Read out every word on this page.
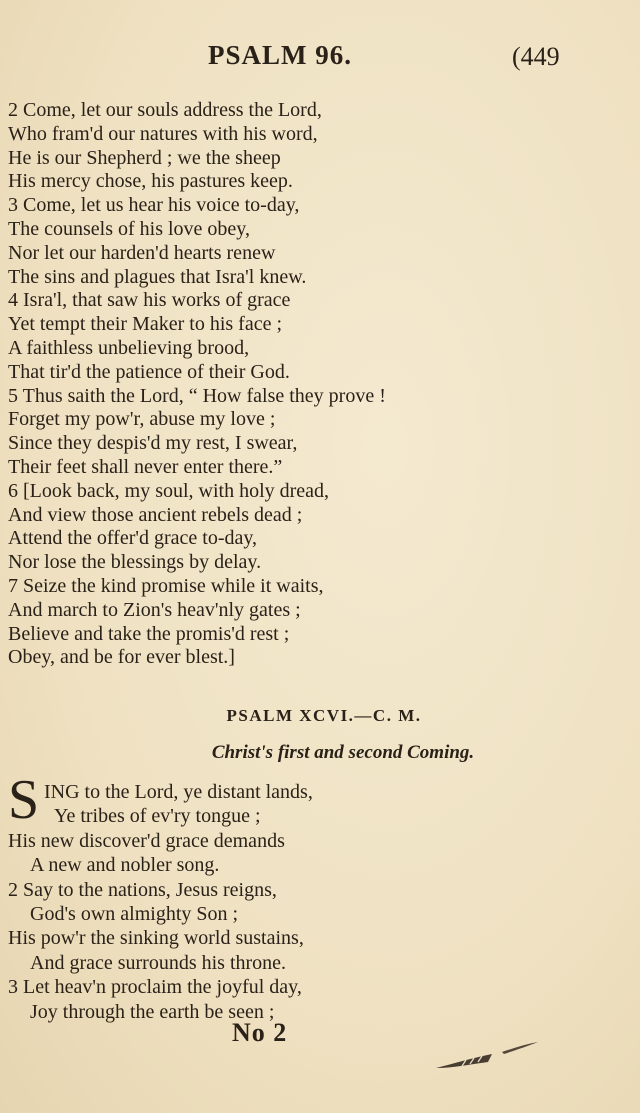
PSALM 96.	(449
2 Come, let our souls address the Lord,
Who fram'd our natures with his word,
He is our Shepherd ; we the sheep
His mercy chose, his pastures keep.
3 Come, let us hear his voice to-day,
The counsels of his love obey,
Nor let our harden'd hearts renew
The sins and plagues that Isra'l knew.
4 Isra'l, that saw his works of grace
Yet tempt their Maker to his face ;
A faithless unbelieving brood,
That tir'd the patience of their God.
5 Thus saith the Lord, “ How false they prove !
Forget my pow'r, abuse my love ;
Since they despis'd my rest, I swear,
Their feet shall never enter there.”
6 [Look back, my soul, with holy dread,
And view those ancient rebels dead ;
Attend the offer'd grace to-day,
Nor lose the blessings by delay.
7 Seize the kind promise while it waits,
And march to Zion's heav'nly gates ;
Believe and take the promis'd rest ;
Obey, and be for ever blest.]
PSALM XCVI.—C. M.
Christ's first and second Coming.
S ING to the Lord, ye distant lands,
Ye tribes of ev'ry tongue ;
His new discover'd grace demands
A new and nobler song.
2 Say to the nations, Jesus reigns,
God's own almighty Son ;
His pow'r the sinking world sustains,
And grace surrounds his throne.
3 Let heav'n proclaim the joyful day,
Joy through the earth be seen ;
No 2
